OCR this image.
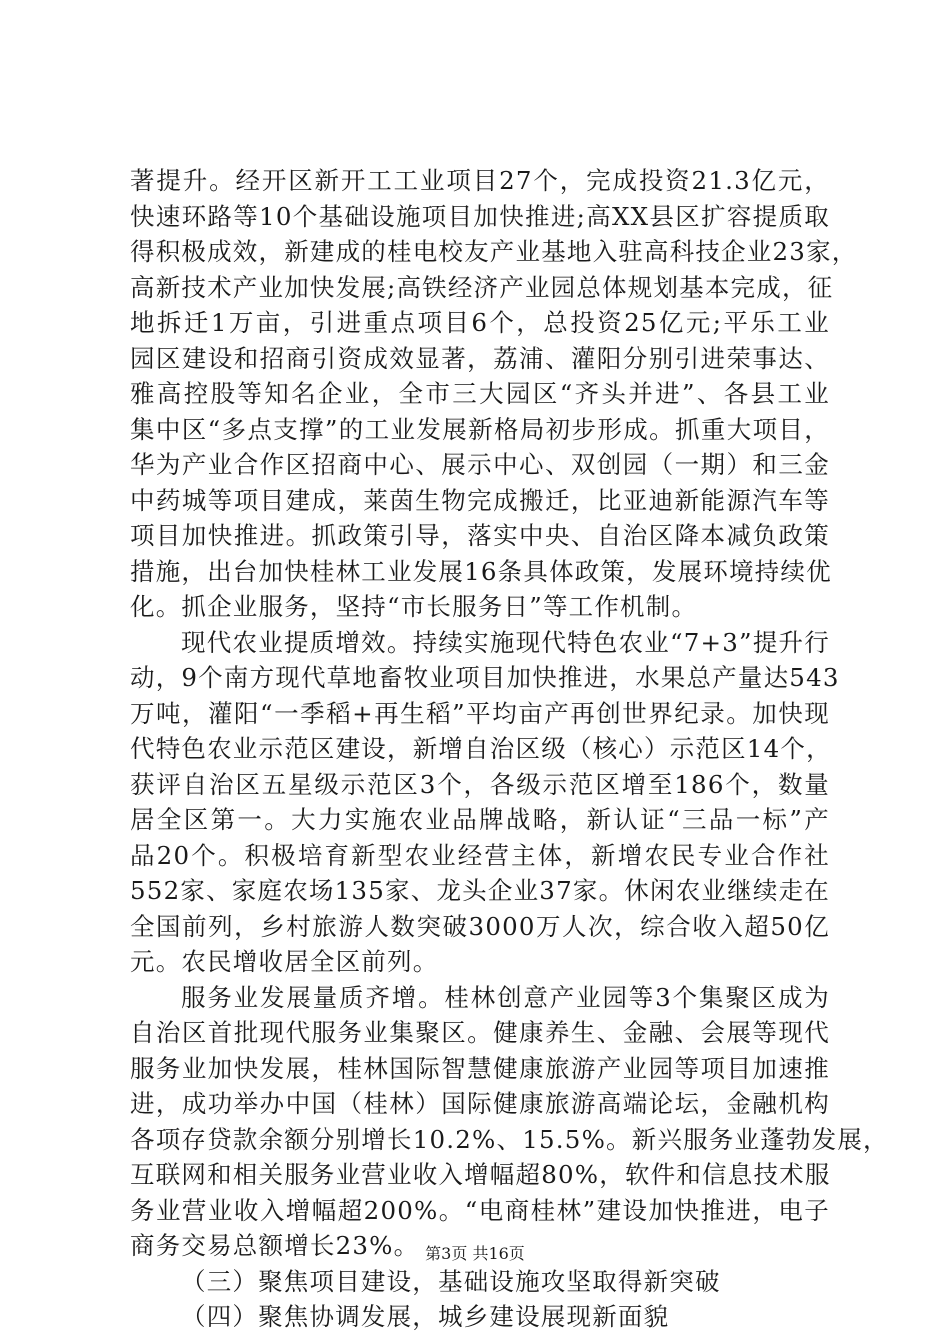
著提升。经开区新开工工业项目27个，完成投资21.3亿元，
快速环路等10个基础设施项目加快推进;高XX县区扩容提质取
得积极成效，新建成的桂电校友产业基地入驻高科技企业23家，
高新技术产业加快发展;高铁经济产业园总体规划基本完成，征
地拆迁1万亩，引进重点项目6个，总投资25亿元;平乐工业
园区建设和招商引资成效显著，荔浦、灌阳分别引进荣事达、
雅高控股等知名企业，全市三大园区“齐头并进”、各县工业
集中区“多点支撑”的工业发展新格局初步形成。抓重大项目，
华为产业合作区招商中心、展示中心、双创园（一期）和三金
中药城等项目建成，莱茵生物完成搬迁，比亚迪新能源汽车等
项目加快推进。抓政策引导，落实中央、自治区降本减负政策
措施，出台加快桂林工业发展16条具体政策，发展环境持续优
化。抓企业服务，坚持“市长服务日”等工作机制。
现代农业提质增效。持续实施现代特色农业“7+3”提升行
动，9个南方现代草地畜牧业项目加快推进，水果总产量达543
万吨，灌阳“一季稻+再生稻”平均亩产再创世界纪录。加快现
代特色农业示范区建设，新增自治区级（核心）示范区14个，
获评自治区五星级示范区3个，各级示范区增至186个，数量
居全区第一。大力实施农业品牌战略，新认证“三品一标”产
品20个。积极培育新型农业经营主体，新增农民专业合作社
552家、家庭农场135家、龙头企业37家。休闲农业继续走在
全国前列，乡村旅游人数突破3000万人次，综合收入超50亿
元。农民增收居全区前列。
服务业发展量质齐增。桂林创意产业园等3个集聚区成为
自治区首批现代服务业集聚区。健康养生、金融、会展等现代
服务业加快发展，桂林国际智慧健康旅游产业园等项目加速推
进，成功举办中国（桂林）国际健康旅游高端论坛，金融机构
各项存贷款余额分别增长10.2%、15.5%。新兴服务业蓬勃发展，
互联网和相关服务业营业收入增幅超80%，软件和信息技术服
务业营业收入增幅超200%。“电商桂林”建设加快推进，电子
商务交易总额增长23%。
（三）聚焦项目建设，基础设施攻坚取得新突破
（四）聚焦协调发展，城乡建设展现新面貌
第3页 共16页
